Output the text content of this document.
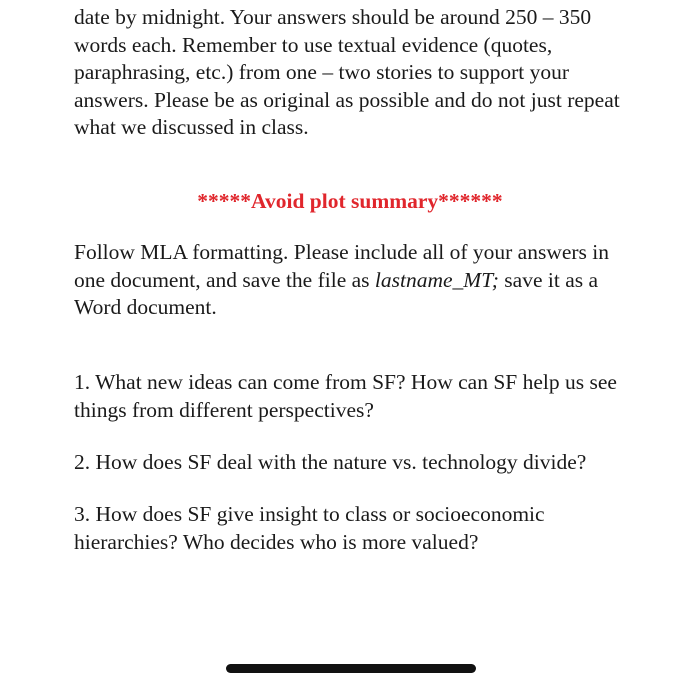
date by midnight. Your answers should be around 250 – 350 words each. Remember to use textual evidence (quotes, paraphrasing, etc.) from one – two stories to support your answers. Please be as original as possible and do not just repeat what we discussed in class.

*****Avoid plot summary******

Follow MLA formatting. Please include all of your answers in one document, and save the file as lastname_MT; save it as a Word document.

1. What new ideas can come from SF? How can SF help us see things from different perspectives?

2. How does SF deal with the nature vs. technology divide?

3. How does SF give insight to class or socioeconomic hierarchies? Who decides who is more valued?
